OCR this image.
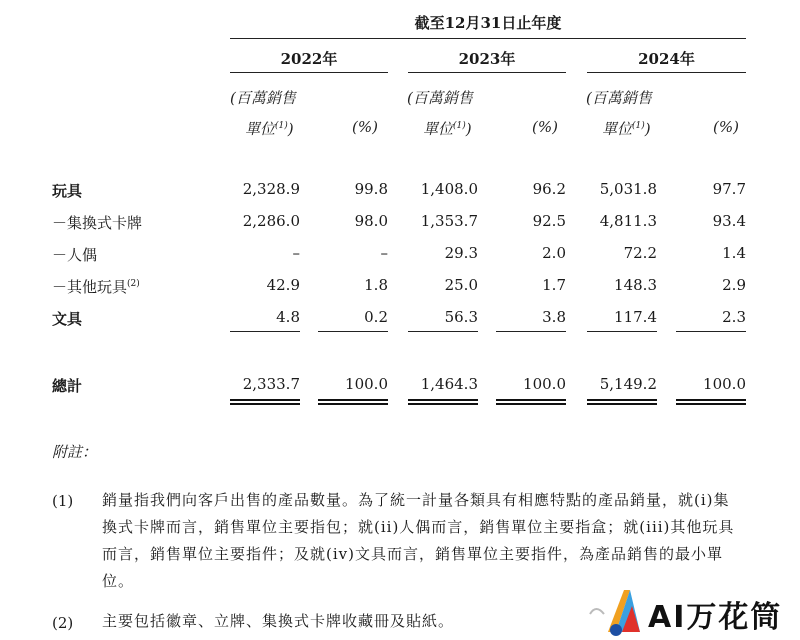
截至12月31日止年度
2022年	2023年	2024年
(百萬銷售
單位$^{(1)}$)	(%)
(百萬銷售
單位$^{(1)}$)	(%)
(百萬銷售
單位$^{(1)}$)	(%)
玩具	2,328.9	99.8	1,408.0	96.2	5,031.8	97.7
－集換式卡牌	2,286.0	98.0	1,353.7	92.5	4,811.3	93.4
－人偶	–	–	29.3	2.0	72.2	1.4
－其他玩具$^{(2)}$	42.9	1.8	25.0	1.7	148.3	2.9
文具	4.8	0.2	56.3	3.8	117.4	2.3
總計	2,333.7	100.0	1,464.3	100.0	5,149.2	100.0
附註：
(1) 銷量指我們向客戶出售的產品數量。為了統一計量各類具有相應特點的產品銷量，就(i)集
換式卡牌而言，銷售單位主要指包；就(ii)人偶而言，銷售單位主要指盒；就(iii)其他玩具
而言，銷售單位主要指件；及就(iv)文具而言，銷售單位主要指件，為產品銷售的最小單
位。
(2) 主要包括徽章、立牌、集換式卡牌收藏冊及貼紙。	AI万花筒
